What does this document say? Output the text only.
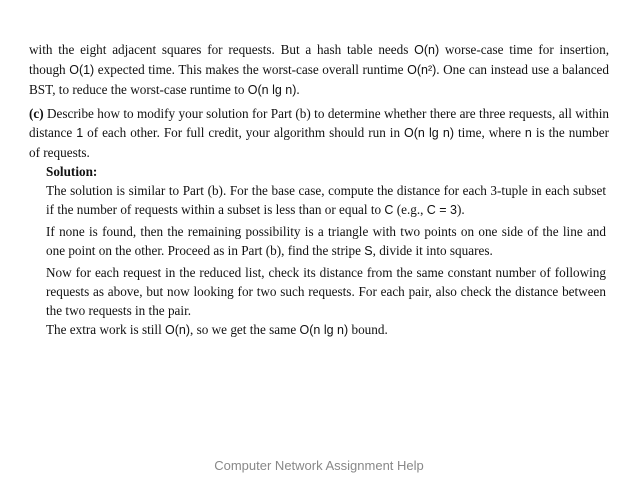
with the eight adjacent squares for requests. But a hash table needs O(n) worse-case time for insertion, though O(1) expected time. This makes the worst-case overall runtime O(n²). One can instead use a balanced BST, to reduce the worst-case runtime to O(n lg n).

(c) Describe how to modify your solution for Part (b) to determine whether there are three requests, all within distance 1 of each other. For full credit, your algorithm should run in O(n lg n) time, where n is the number of requests.

Solution:

The solution is similar to Part (b). For the base case, compute the distance for each 3-tuple in each subset if the number of requests within a subset is less than or equal to C (e.g., C = 3).

If none is found, then the remaining possibility is a triangle with two points on one side of the line and one point on the other. Proceed as in Part (b), find the stripe S, divide it into squares.

Now for each request in the reduced list, check its distance from the same constant number of following requests as above, but now looking for two such requests. For each pair, also check the distance between the two requests in the pair.

The extra work is still O(n), so we get the same O(n lg n) bound.

Computer Network Assignment Help
